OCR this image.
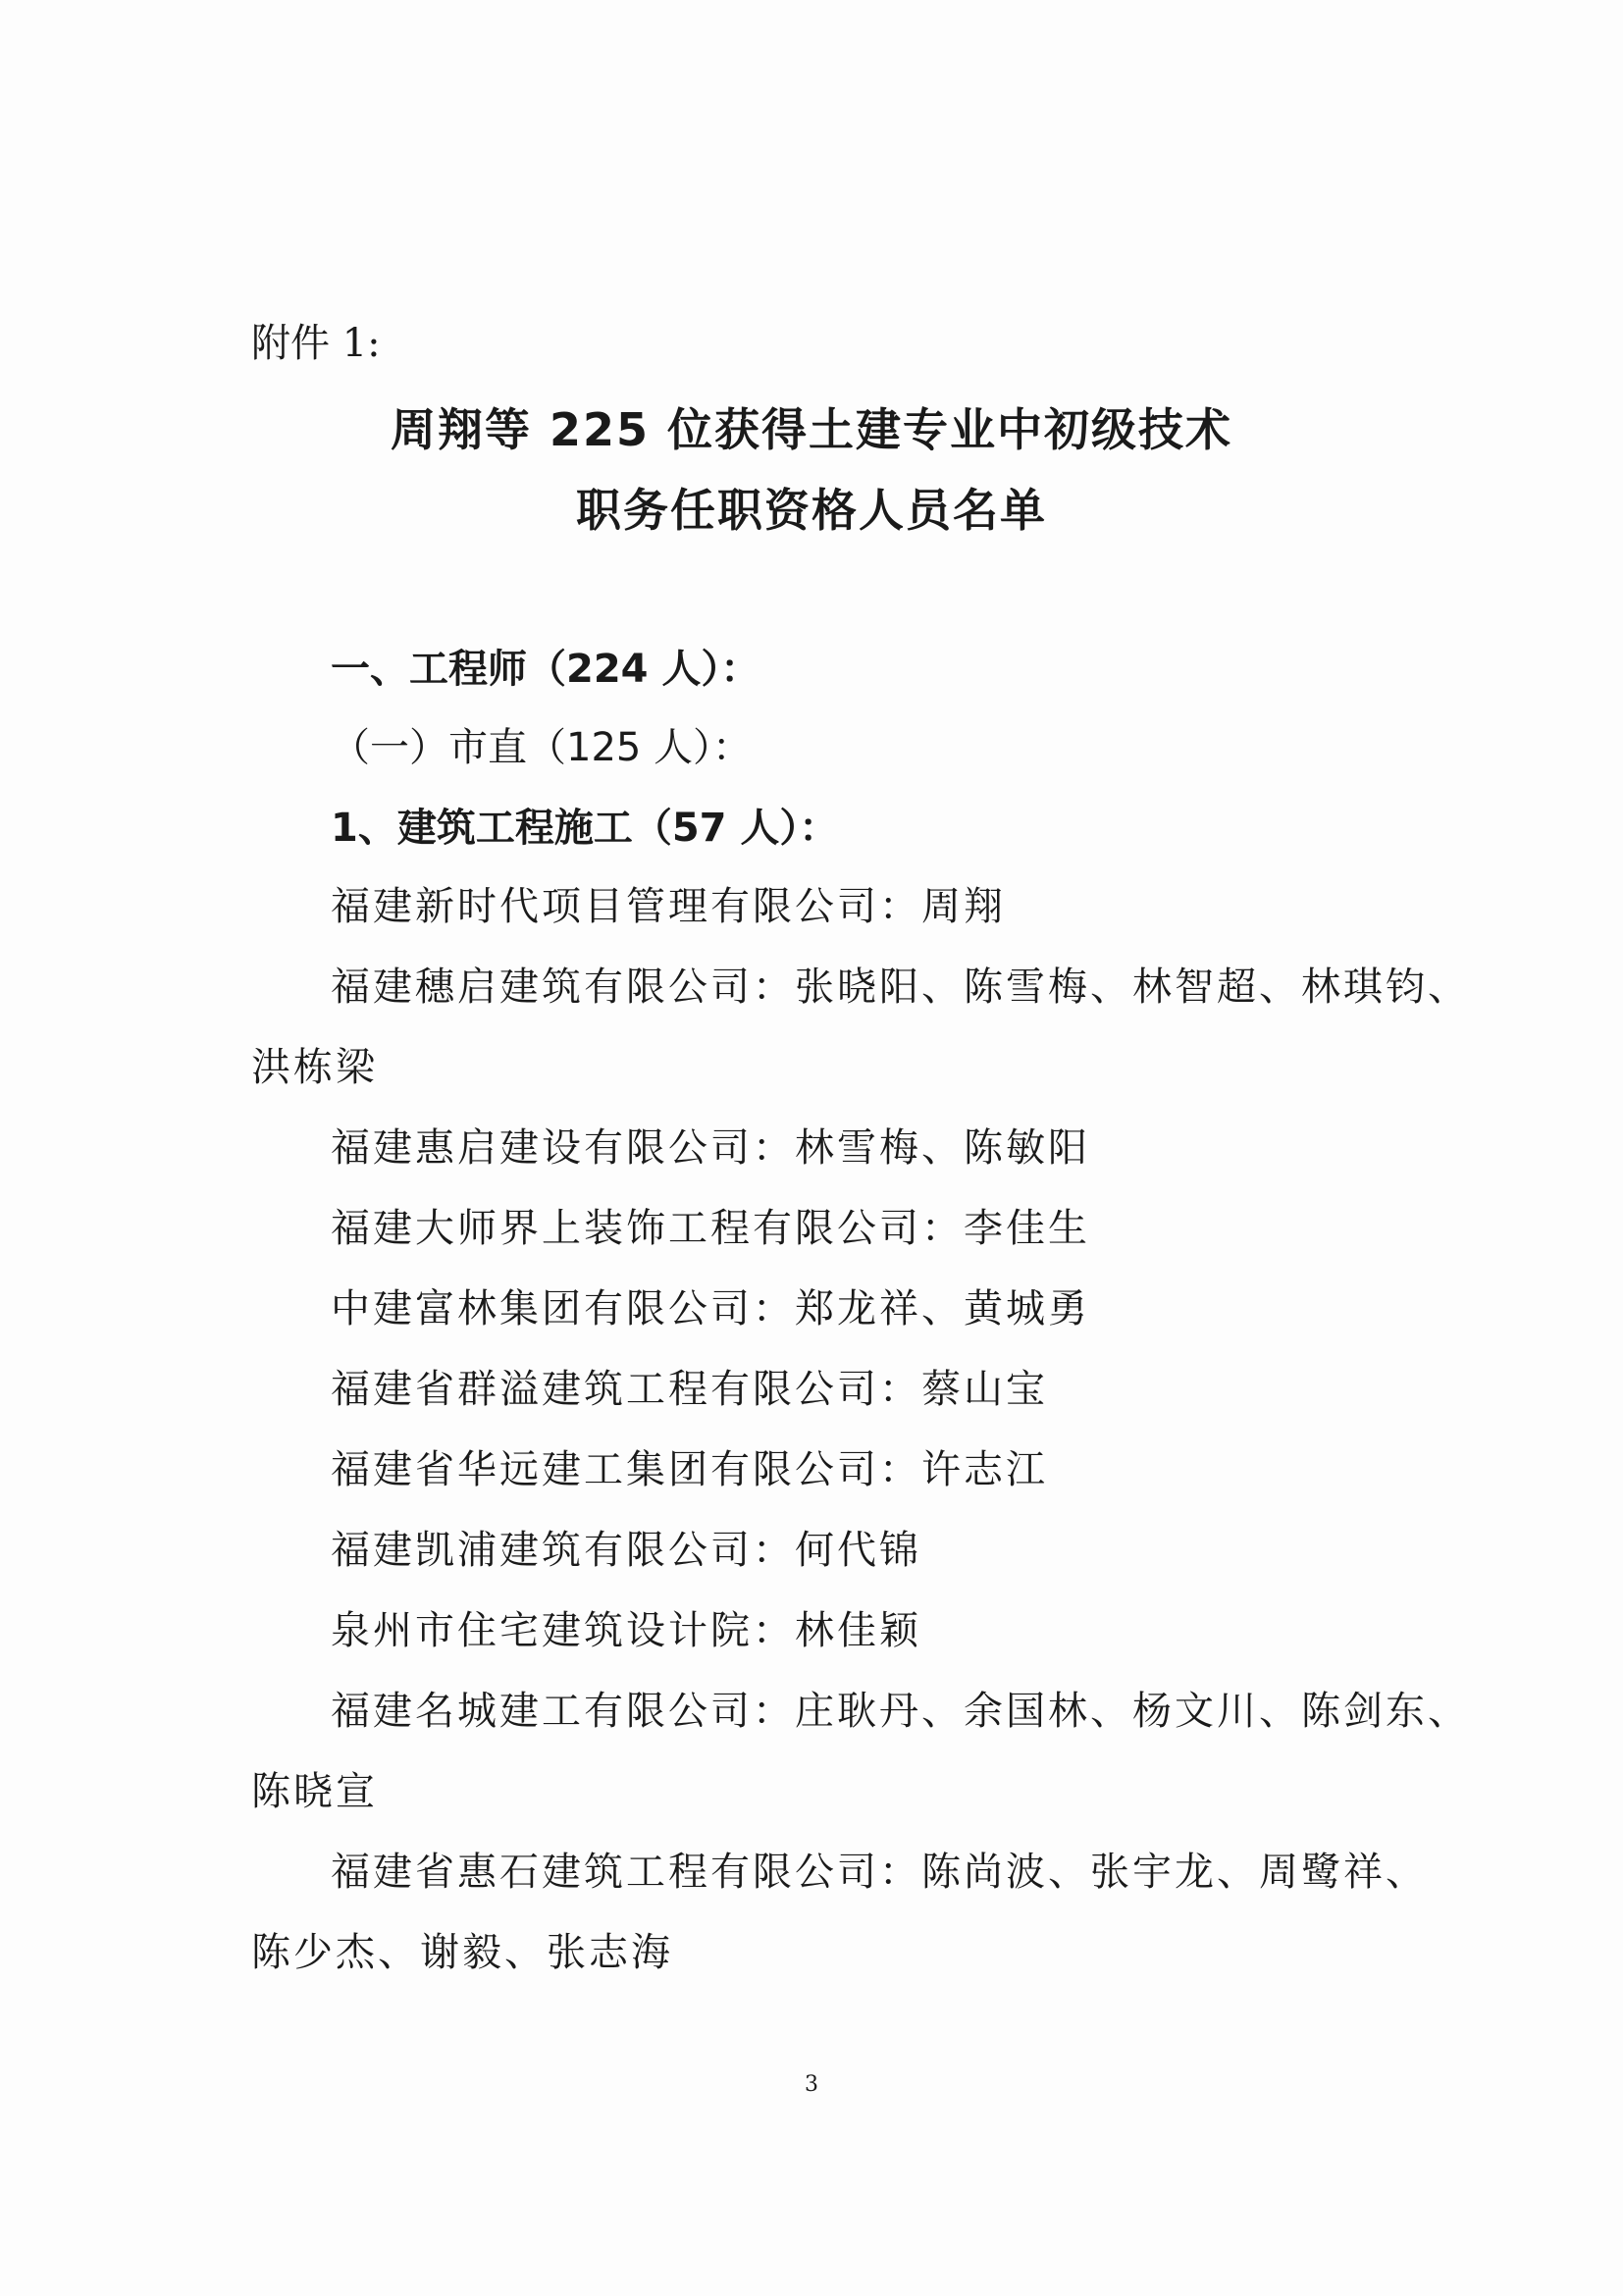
附件 1:
周翔等 225 位获得土建专业中初级技术
职务任职资格人员名单
一、工程师（224 人）：
（一）市直（125 人）：
1、建筑工程施工（57 人）：
福建新时代项目管理有限公司：周翔
福建穗启建筑有限公司：张晓阳、陈雪梅、林智超、林琪钧、
洪栋梁
福建惠启建设有限公司：林雪梅、陈敏阳
福建大师界上装饰工程有限公司：李佳生
中建富林集团有限公司：郑龙祥、黄城勇
福建省群溢建筑工程有限公司：蔡山宝
福建省华远建工集团有限公司：许志江
福建凯浦建筑有限公司：何代锦
泉州市住宅建筑设计院：林佳颖
福建名城建工有限公司：庄耿丹、余国林、杨文川、陈剑东、
陈晓宣
福建省惠石建筑工程有限公司：陈尚波、张宇龙、周鹭祥、
陈少杰、谢毅、张志海
3
